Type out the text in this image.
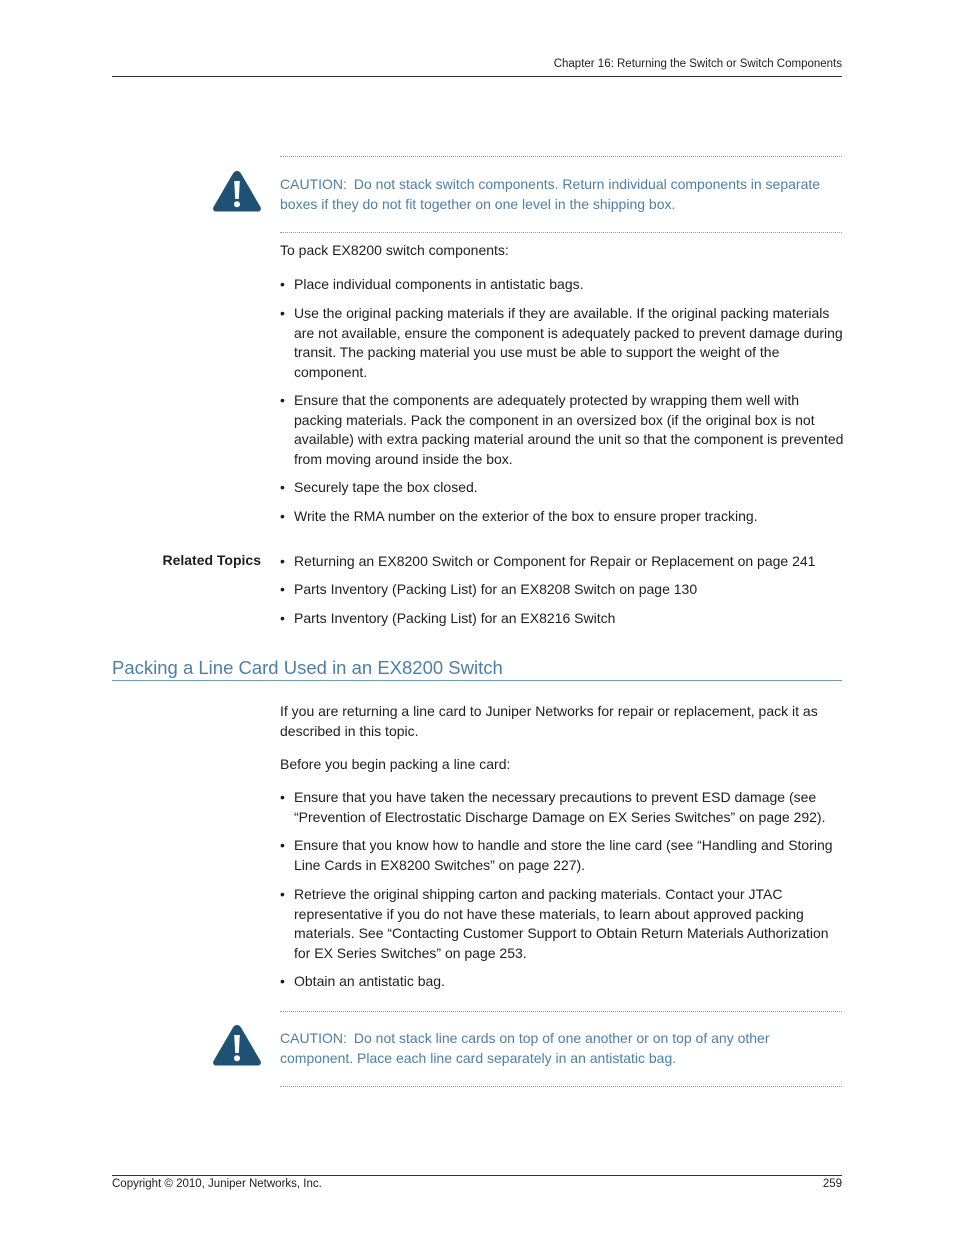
Chapter 16: Returning the Switch or Switch Components
CAUTION: Do not stack switch components. Return individual components in separate boxes if they do not fit together on one level in the shipping box.
To pack EX8200 switch components:
• Place individual components in antistatic bags.
• Use the original packing materials if they are available. If the original packing materials are not available, ensure the component is adequately packed to prevent damage during transit. The packing material you use must be able to support the weight of the component.
• Ensure that the components are adequately protected by wrapping them well with packing materials. Pack the component in an oversized box (if the original box is not available) with extra packing material around the unit so that the component is prevented from moving around inside the box.
• Securely tape the box closed.
• Write the RMA number on the exterior of the box to ensure proper tracking.
Related Topics
•	Returning an EX8200 Switch or Component for Repair or Replacement on page 241
• Parts Inventory (Packing List) for an EX8208 Switch on page 130
• Parts Inventory (Packing List) for an EX8216 Switch
Packing a Line Card Used in an EX8200 Switch
If you are returning a line card to Juniper Networks for repair or replacement, pack it as described in this topic.
Before you begin packing a line card:
• Ensure that you have taken the necessary precautions to prevent ESD damage (see “Prevention of Electrostatic Discharge Damage on EX Series Switches” on page 292).
• Ensure that you know how to handle and store the line card (see “Handling and Storing Line Cards in EX8200 Switches” on page 227).
• Retrieve the original shipping carton and packing materials. Contact your JTAC representative if you do not have these materials, to learn about approved packing materials. See “Contacting Customer Support to Obtain Return Materials Authorization for EX Series Switches” on page 253.
• Obtain an antistatic bag.
CAUTION: Do not stack line cards on top of one another or on top of any other component. Place each line card separately in an antistatic bag.
Copyright © 2010, Juniper Networks, Inc.	259
